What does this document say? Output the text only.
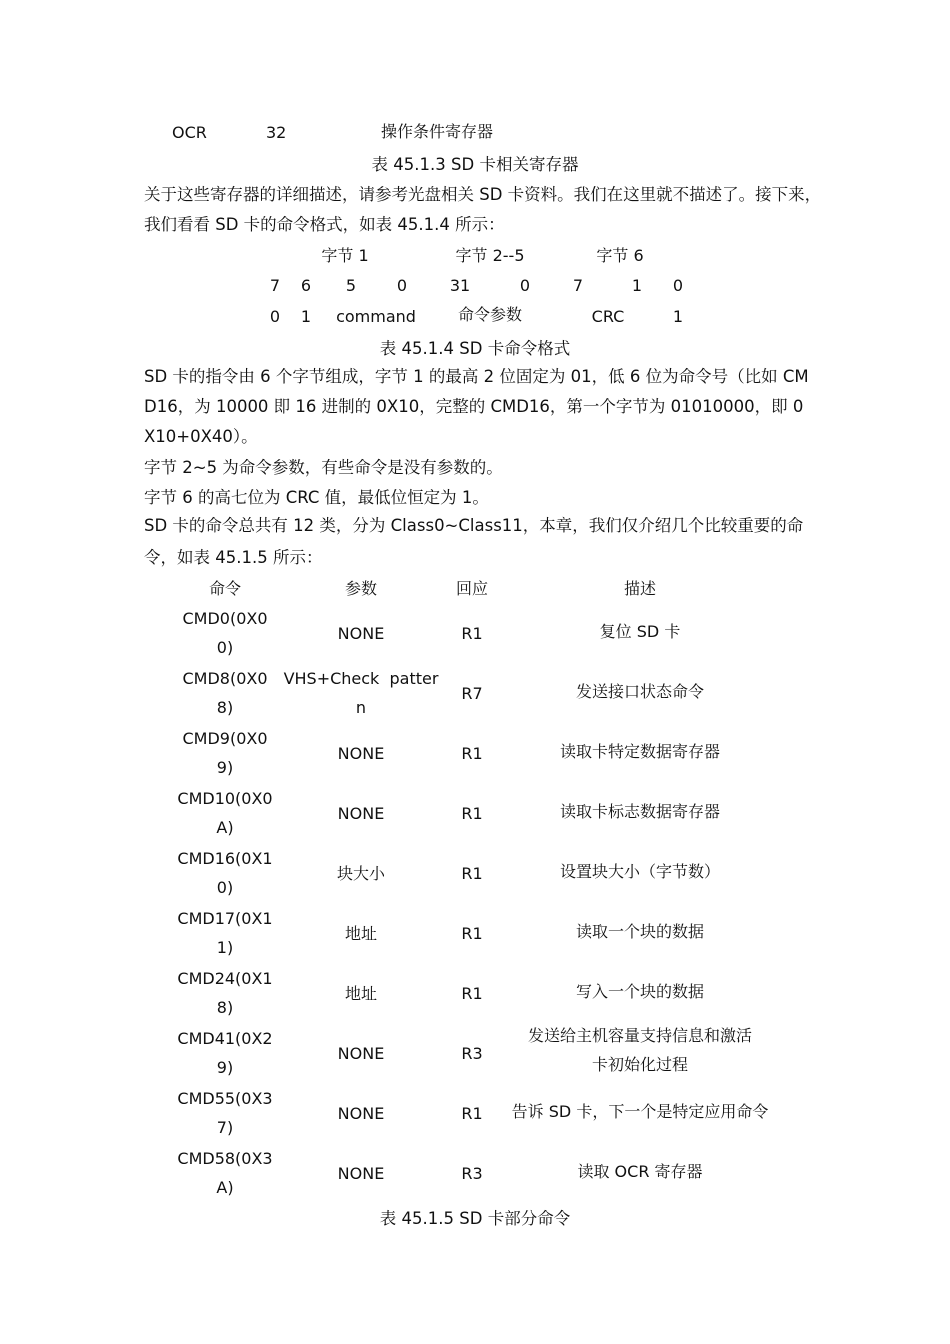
OCR	32	操作条件寄存器
表 45.1.3 SD 卡相关寄存器
关于这些寄存器的详细描述，请参考光盘相关 SD 卡资料。我们在这里就不描述了。接下来，
我们看看 SD 卡的命令格式，如表 45.1.4 所示：
字节 1	字节 2--5	字节 6
7	6	5	0	31	0	7	1	0
0	1	command	命令参数	CRC	1
表 45.1.4 SD 卡命令格式
SD 卡的指令由 6 个字节组成，字节 1 的最高 2 位固定为 01，低 6 位为命令号（比如 CM
D16，为 10000 即 16 进制的 0X10，完整的 CMD16，第一个字节为 01010000，即 0
X10+0X40）。
字节 2~5 为命令参数，有些命令是没有参数的。
字节 6 的高七位为 CRC 值，最低位恒定为 1。
SD 卡的命令总共有 12 类，分为 Class0~Class11，本章，我们仅介绍几个比较重要的命
令，如表 45.1.5 所示：
命令	参数	回应	描述
CMD0(0X0
0)
NONE	R1	复位 SD 卡
CMD8(0X0
8)
VHS+Check  patter
n
R7	发送接口状态命令
CMD9(0X0
9)
NONE	R1	读取卡特定数据寄存器
CMD10(0X0
A)
NONE	R1	读取卡标志数据寄存器
CMD16(0X1
0)
块大小	R1	设置块大小（字节数）
CMD17(0X1
1)
地址	R1	读取一个块的数据
CMD24(0X1
8)
地址	R1	写入一个块的数据
CMD41(0X2
9)
NONE	R3
发送给主机容量支持信息和激活
卡初始化过程
CMD55(0X3
7)
NONE	R1	告诉 SD 卡，下一个是特定应用命令
CMD58(0X3
A)
NONE	R3	读取 OCR 寄存器
表 45.1.5 SD 卡部分命令
